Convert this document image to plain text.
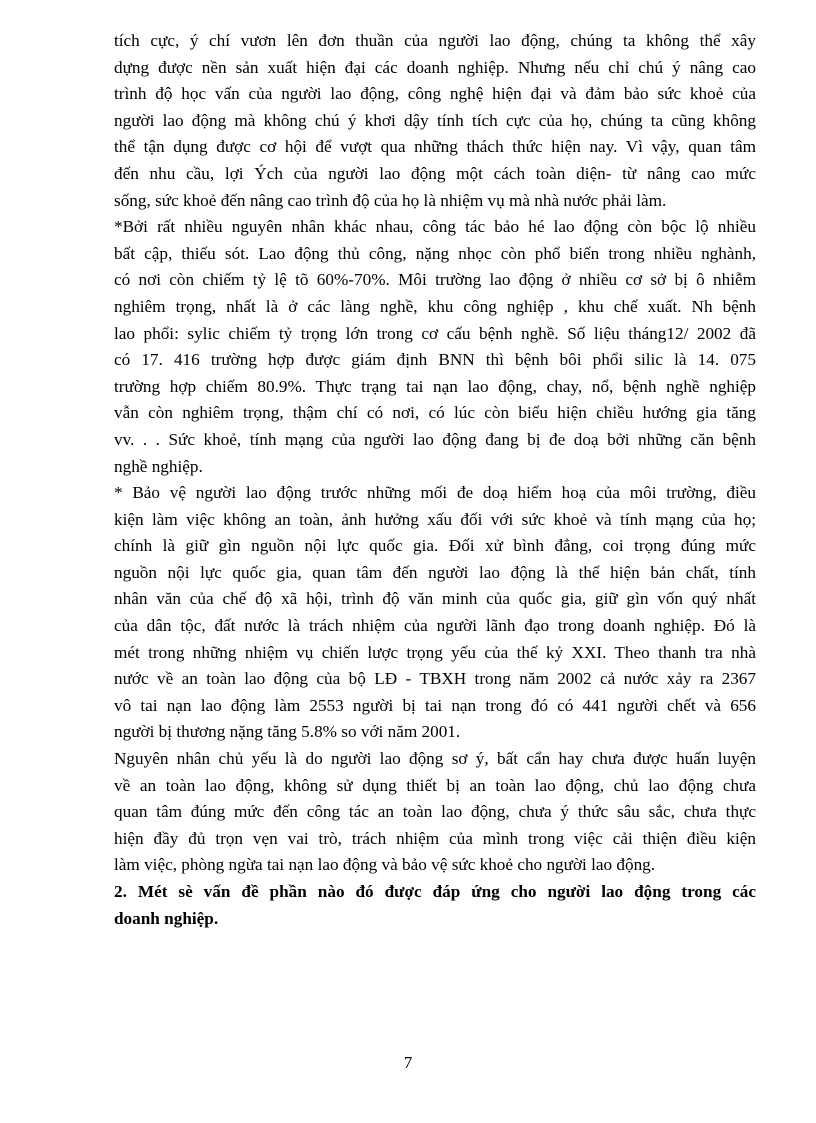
tích cực, ý chí vươn lên đơn thuần của người lao động, chúng ta không thể xây
dựng được nền sản xuất hiện đại các doanh nghiệp. Nhưng nếu chỉ chú ý nâng cao
trình độ học vấn của người lao động, công nghệ hiện đại và đảm bảo sức khoẻ của
người lao động mà không chú ý khơi dậy tính tích cực của họ, chúng ta cũng không
thể tận dụng được cơ hội để vượt qua những thách thức hiện nay. Vì vậy, quan tâm
đến nhu cầu, lợi Ých của người lao động một cách toàn diện- từ nâng cao mức
sống, sức khoẻ đến nâng cao trình độ của họ là nhiệm vụ mà nhà nước phải làm.
*Bởi rất nhiều nguyên nhân khác nhau, công tác bảo hé lao động còn bộc lộ nhiều
bất cập, thiếu sót. Lao động thủ công, nặng nhọc còn phổ biến trong nhiều nghành,
có nơi còn chiếm tỷ lệ tõ 60%-70%. Môi trường lao động ở nhiều cơ sở bị ô nhiễm
nghiêm trọng, nhất là ở các làng nghề, khu công nghiệp , khu chế xuất. Nh bệnh
lao phổi: sylic chiếm tỷ trọng lớn trong cơ cấu bệnh nghề. Số liệu tháng12/ 2002 đã
có 17. 416 trường hợp được giám định BNN thì bệnh bôi phổi silic là 14. 075
trường hợp chiếm 80.9%. Thực trạng tai nạn lao động, chay, nổ, bệnh nghề nghiệp
vẫn còn nghiêm trọng, thậm chí có nơi, có lúc còn biểu hiện chiều hướng gia tăng
vv. . . Sức khoẻ, tính mạng của người lao động đang bị đe doạ bởi những căn bệnh
nghề nghiệp.
* Bảo vệ người lao động trước những mối đe doạ hiểm hoạ của môi trường, điều
kiện làm việc không an toàn, ảnh hưởng xấu đối với sức khoẻ và tính mạng của họ;
chính là giữ gìn nguồn nội lực quốc gia. Đối xử bình đẳng, coi trọng đúng mức
nguồn nội lực quốc gia, quan tâm đến người lao động là thể hiện bản chất, tính
nhân văn của chế độ xã hội, trình độ văn minh của quốc gia, giữ gìn vốn quý nhất
của dân tộc, đất nước là trách nhiệm của người lãnh đạo trong doanh nghiệp. Đó là
mét trong những nhiệm vụ chiến lược trọng yếu của thế kỷ XXI. Theo thanh tra nhà
nước về an toàn lao động của bộ LĐ - TBXH trong năm 2002 cả nước xảy ra 2367
vô tai nạn lao động làm 2553 người bị tai nạn trong đó có 441 người chết và 656
người bị thương nặng tăng 5.8% so với năm 2001.
Nguyên nhân chủ yếu là do người lao động sơ ý, bất cẩn hay chưa được huấn luyện
về an toàn lao động, không sử dụng thiết bị an toàn lao động, chủ lao động chưa
quan tâm đúng mức đến công tác an toàn lao động, chưa ý thức sâu sắc, chưa thực
hiện đầy đủ trọn vẹn vai trò, trách nhiệm của mình trong việc cải thiện điều kiện
làm việc, phòng ngừa tai nạn lao động và bảo vệ sức khoẻ cho người lao động.
2. Mét sè vấn đề phần nào đó được đáp ứng cho người lao động trong các
doanh nghiệp.
7
